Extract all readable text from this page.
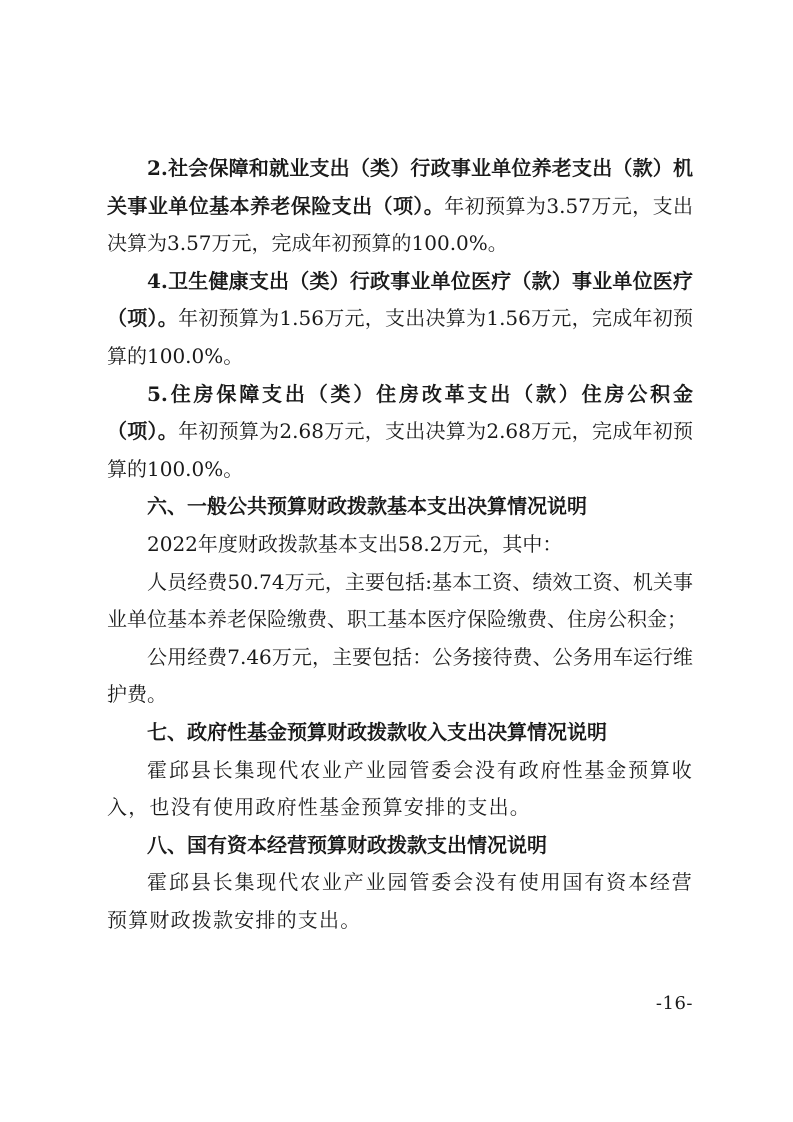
2.社会保障和就业支出（类）行政事业单位养老支出（款）机关事业单位基本养老保险支出（项）。年初预算为3.57万元，支出决算为3.57万元，完成年初预算的100.0%。

4.卫生健康支出（类）行政事业单位医疗（款）事业单位医疗（项）。年初预算为1.56万元，支出决算为1.56万元，完成年初预算的100.0%。

5.住房保障支出（类）住房改革支出（款）住房公积金（项）。年初预算为2.68万元，支出决算为2.68万元，完成年初预算的100.0%。

六、一般公共预算财政拨款基本支出决算情况说明

2022年度财政拨款基本支出58.2万元，其中：

人员经费50.74万元，主要包括:基本工资、绩效工资、机关事业单位基本养老保险缴费、职工基本医疗保险缴费、住房公积金；

公用经费7.46万元，主要包括：公务接待费、公务用车运行维护费。

七、政府性基金预算财政拨款收入支出决算情况说明

霍邱县长集现代农业产业园管委会没有政府性基金预算收入，也没有使用政府性基金预算安排的支出。

八、国有资本经营预算财政拨款支出情况说明

霍邱县长集现代农业产业园管委会没有使用国有资本经营预算财政拨款安排的支出。

-16-
